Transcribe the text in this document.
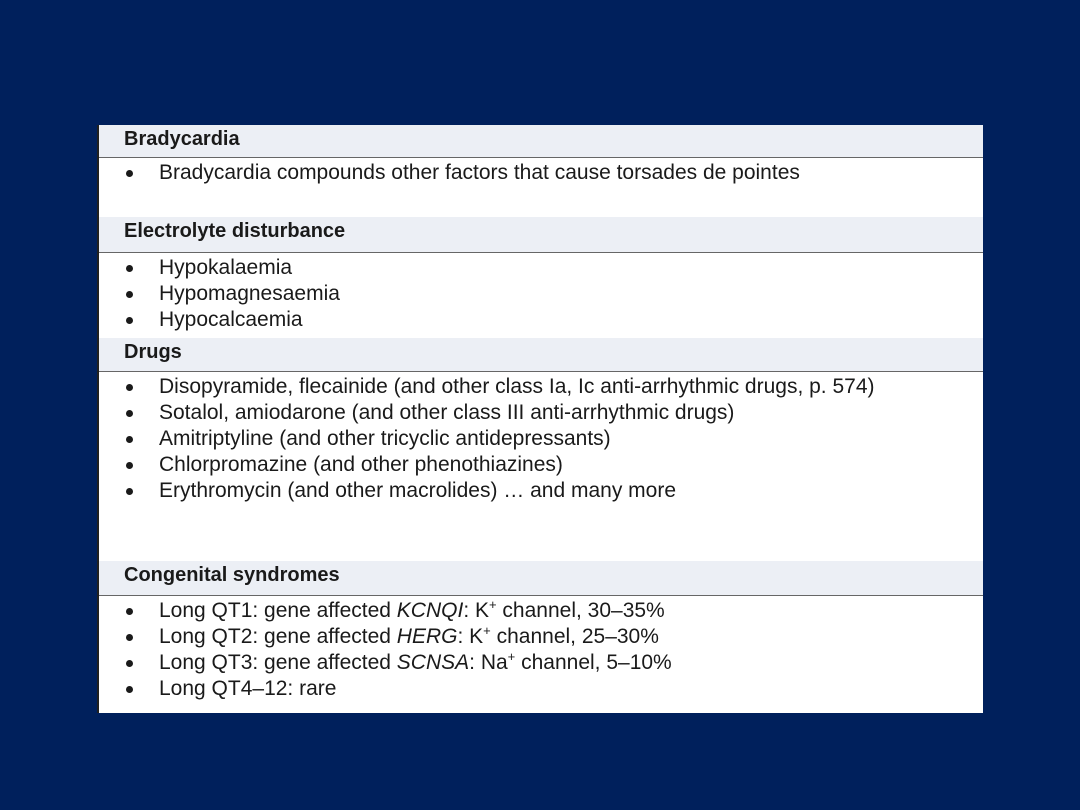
Bradycardia
Bradycardia compounds other factors that cause torsades de pointes
Electrolyte disturbance
Hypokalaemia
Hypomagnesaemia
Hypocalcaemia
Drugs
Disopyramide, flecainide (and other class Ia, Ic anti-arrhythmic drugs, p. 574)
Sotalol, amiodarone (and other class III anti-arrhythmic drugs)
Amitriptyline (and other tricyclic antidepressants)
Chlorpromazine (and other phenothiazines)
Erythromycin (and other macrolides) … and many more
Congenital syndromes
Long QT1: gene affected KCNQI: K+ channel, 30–35%
Long QT2: gene affected HERG: K+ channel, 25–30%
Long QT3: gene affected SCNSA: Na+ channel, 5–10%
Long QT4–12: rare
